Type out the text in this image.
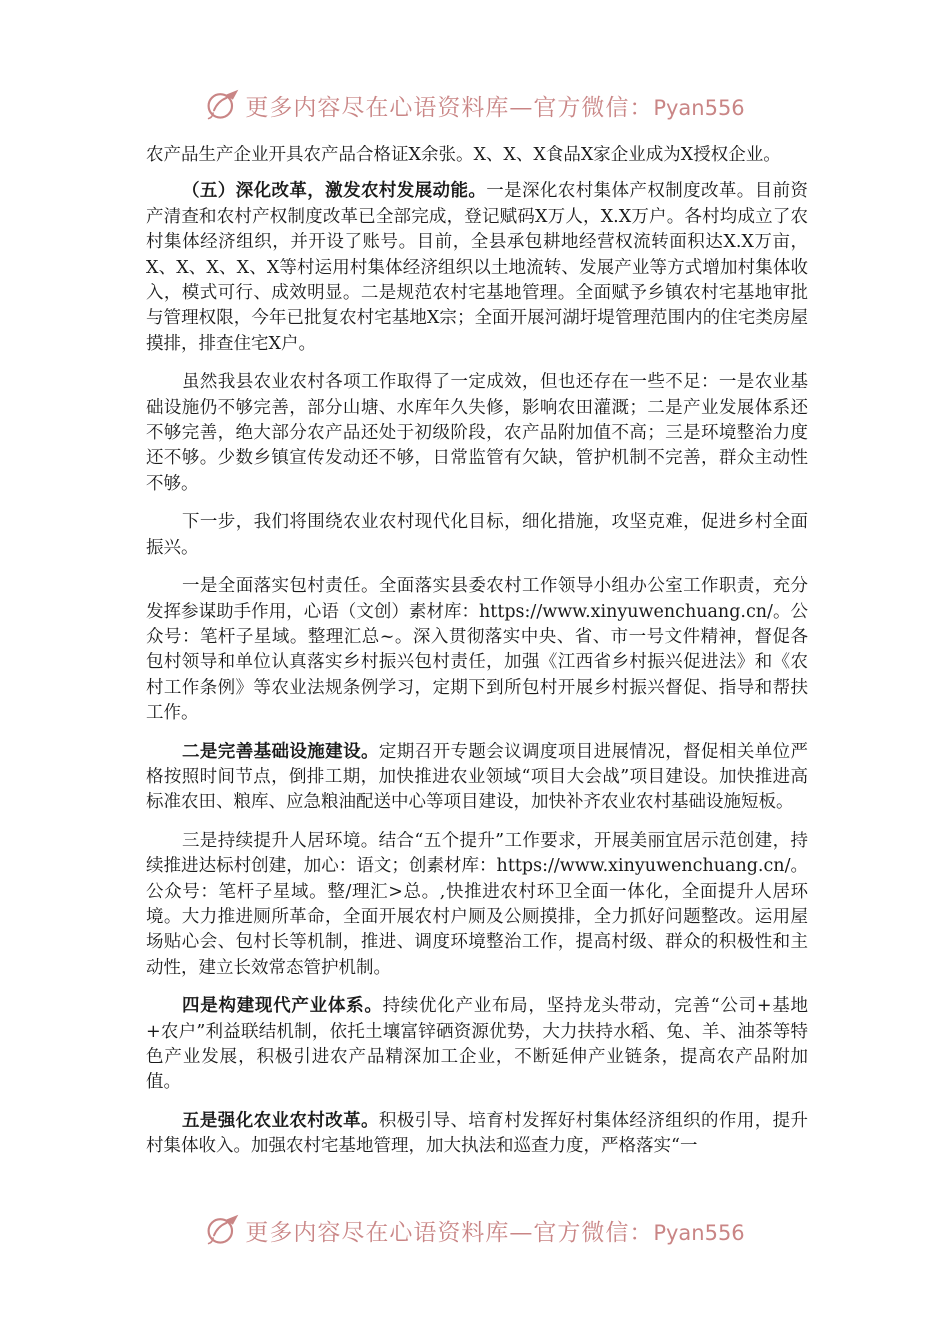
更多内容尽在心语资料库—官方微信：Pyan556

农产品生产企业开具农产品合格证X余张。X、X、X食品X家企业成为X授权企业。

（五）深化改革，激发农村发展动能。一是深化农村集体产权制度改革。目前资产清查和农村产权制度改革已全部完成，登记赋码X万人，X.X万户。各村均成立了农村集体经济组织，并开设了账号。目前，全县承包耕地经营权流转面积达X.X万亩，X、X、X、X、X等村运用村集体经济组织以土地流转、发展产业等方式增加村集体收入，模式可行、成效明显。二是规范农村宅基地管理。全面赋予乡镇农村宅基地审批与管理权限，今年已批复农村宅基地X宗；全面开展河湖圩堤管理范围内的住宅类房屋摸排，排查住宅X户。

虽然我县农业农村各项工作取得了一定成效，但也还存在一些不足：一是农业基础设施仍不够完善，部分山塘、水库年久失修，影响农田灌溉；二是产业发展体系还不够完善，绝大部分农产品还处于初级阶段，农产品附加值不高；三是环境整治力度还不够。少数乡镇宣传发动还不够，日常监管有欠缺，管护机制不完善，群众主动性不够。

下一步，我们将围绕农业农村现代化目标，细化措施，攻坚克难，促进乡村全面振兴。

一是全面落实包村责任。全面落实县委农村工作领导小组办公室工作职责，充分发挥参谋助手作用，心语（文创）素材库：https://www.xinyuwenchuang.cn/。公众号：笔杆子星域。整理汇总~。深入贯彻落实中央、省、市一号文件精神，督促各包村领导和单位认真落实乡村振兴包村责任，加强《江西省乡村振兴促进法》和《农村工作条例》等农业法规条例学习，定期下到所包村开展乡村振兴督促、指导和帮扶工作。

二是完善基础设施建设。定期召开专题会议调度项目进展情况，督促相关单位严格按照时间节点，倒排工期，加快推进农业领域“项目大会战”项目建设。加快推进高标准农田、粮库、应急粮油配送中心等项目建设，加快补齐农业农村基础设施短板。

三是持续提升人居环境。结合“五个提升”工作要求，开展美丽宜居示范创建，持续推进达标村创建，加心：语文；创素材库：https://www.xinyuwenchuang.cn/。公众号：笔杆子星域。整/理汇>总。,快推进农村环卫全面一体化，全面提升人居环境。大力推进厕所革命，全面开展农村户厕及公厕摸排，全力抓好问题整改。运用屋场贴心会、包村长等机制，推进、调度环境整治工作，提高村级、群众的积极性和主动性，建立长效常态管护机制。

四是构建现代产业体系。持续优化产业布局，坚持龙头带动，完善“公司+基地+农户”利益联结机制，依托土壤富锌硒资源优势，大力扶持水稻、兔、羊、油茶等特色产业发展，积极引进农产品精深加工企业，不断延伸产业链条，提高农产品附加值。

五是强化农业农村改革。积极引导、培育村发挥好村集体经济组织的作用，提升村集体收入。加强农村宅基地管理，加大执法和巡查力度，严格落实“一

更多内容尽在心语资料库—官方微信：Pyan556
